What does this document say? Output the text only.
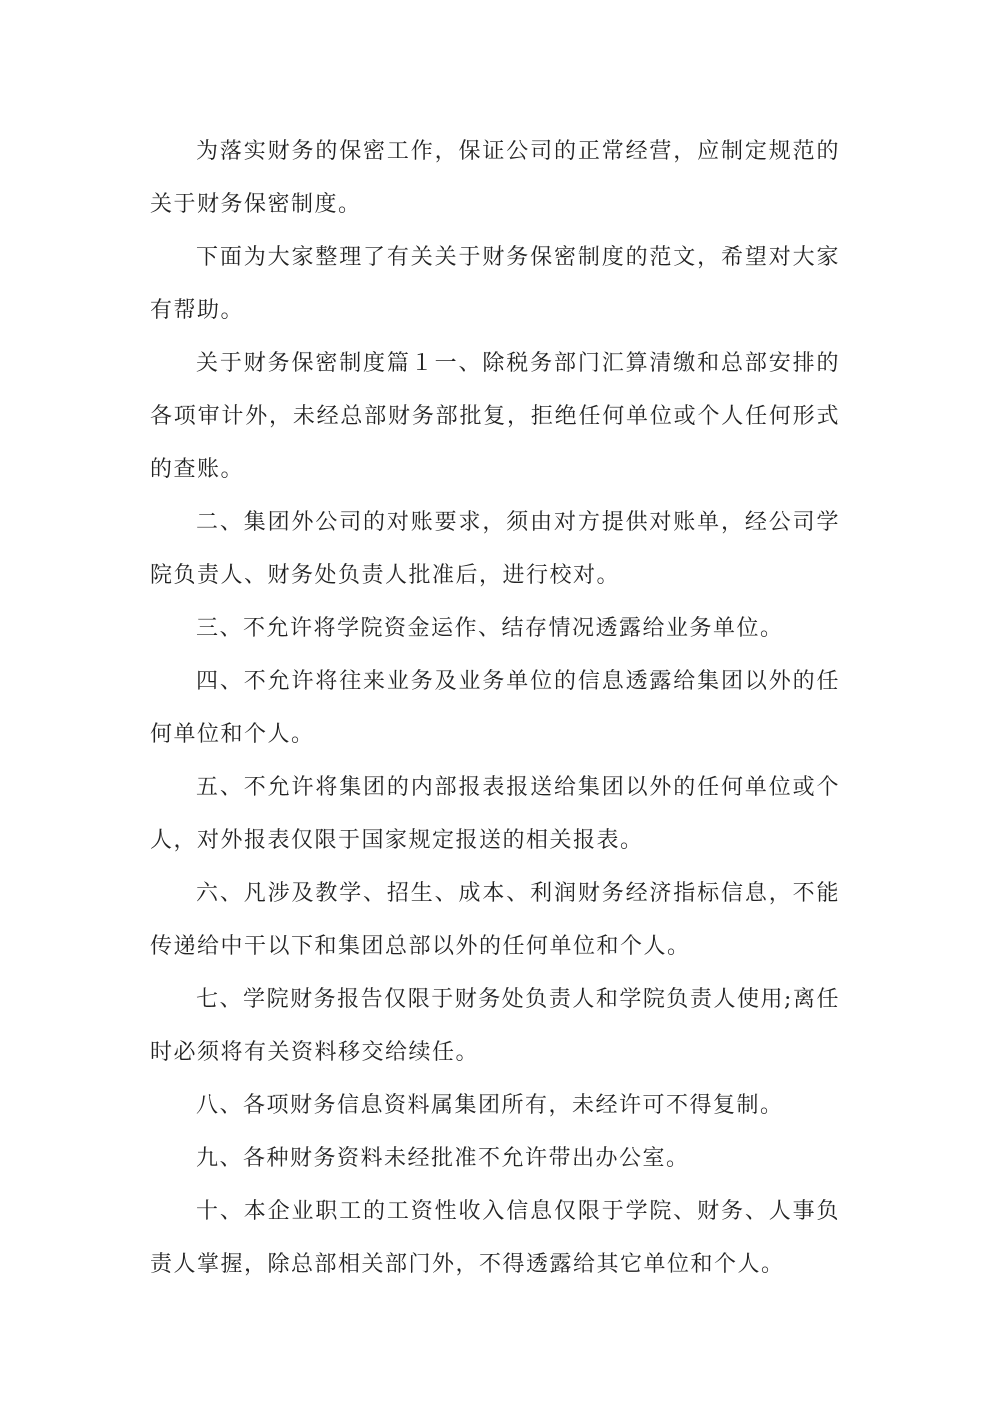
为落实财务的保密工作，保证公司的正常经营，应制定规范的关于财务保密制度。

下面为大家整理了有关关于财务保密制度的范文，希望对大家有帮助。

关于财务保密制度篇１一、除税务部门汇算清缴和总部安排的各项审计外，未经总部财务部批复，拒绝任何单位或个人任何形式的查账。

二、集团外公司的对账要求，须由对方提供对账单，经公司学院负责人、财务处负责人批准后，进行校对。

三、不允许将学院资金运作、结存情况透露给业务单位。

四、不允许将往来业务及业务单位的信息透露给集团以外的任何单位和个人。

五、不允许将集团的内部报表报送给集团以外的任何单位或个人，对外报表仅限于国家规定报送的相关报表。

六、凡涉及教学、招生、成本、利润财务经济指标信息，不能传递给中干以下和集团总部以外的任何单位和个人。

七、学院财务报告仅限于财务处负责人和学院负责人使用;离任时必须将有关资料移交给续任。

八、各项财务信息资料属集团所有，未经许可不得复制。

九、各种财务资料未经批准不允许带出办公室。

十、本企业职工的工资性收入信息仅限于学院、财务、人事负责人掌握，除总部相关部门外，不得透露给其它单位和个人。
